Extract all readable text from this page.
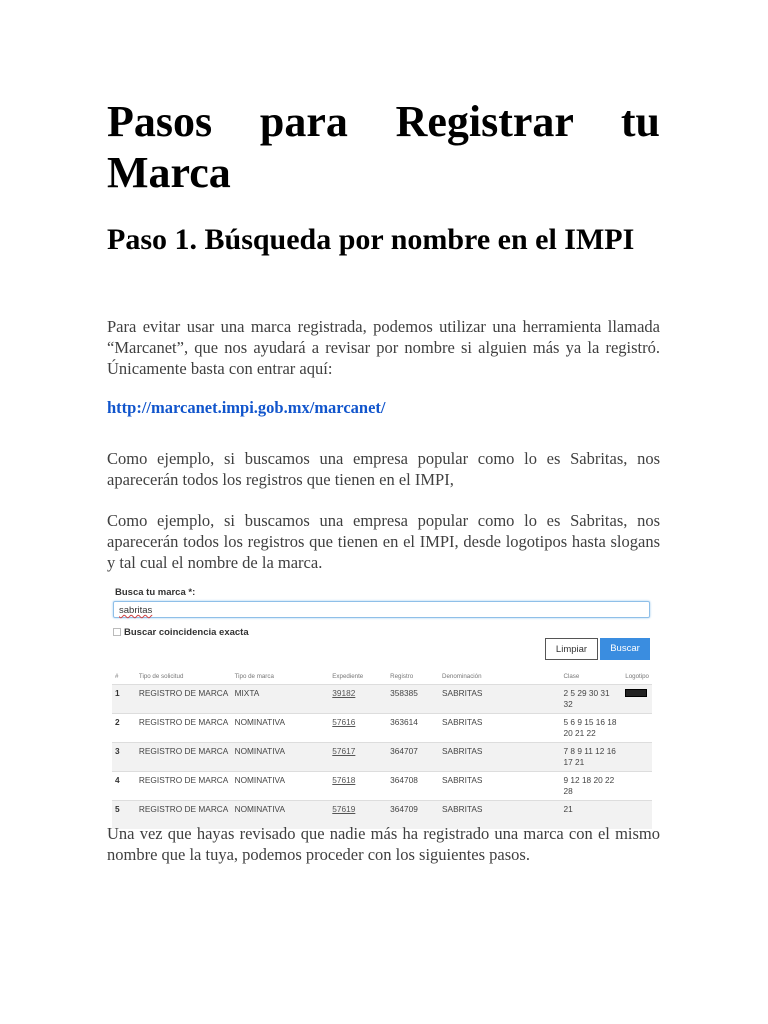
Pasos para Registrar tu Marca
Paso 1. Búsqueda por nombre en el IMPI

Para evitar usar una marca registrada, podemos utilizar una herramienta llamada “Marcanet”, que nos ayudará a revisar por nombre si alguien más ya la registró. Únicamente basta con entrar aquí:

http://marcanet.impi.gob.mx/marcanet/

Como ejemplo, si buscamos una empresa popular como lo es Sabritas, nos aparecerán todos los registros que tienen en el IMPI,

Como ejemplo, si buscamos una empresa popular como lo es Sabritas, nos aparecerán todos los registros que tienen en el IMPI, desde logotipos hasta slogans y tal cual el nombre de la marca.

Busca tu marca *:
sabritas
Buscar coincidencia exacta
Limpiar	Buscar
#	Tipo de solicitud	Tipo de marca	Expediente	Registro	Denominación	Clase	Logotipo
1	REGISTRO DE MARCA	MIXTA	39182	358385	SABRITAS	2 5 29 30 31 32	
2	REGISTRO DE MARCA	NOMINATIVA	57616	363614	SABRITAS	5 6 9 15 16 18 20 21 22	
3	REGISTRO DE MARCA	NOMINATIVA	57617	364707	SABRITAS	7 8 9 11 12 16 17 21	
4	REGISTRO DE MARCA	NOMINATIVA	57618	364708	SABRITAS	9 12 18 20 22 28	
5	REGISTRO DE MARCA	NOMINATIVA	57619	364709	SABRITAS	21	

Una vez que hayas revisado que nadie más ha registrado una marca con el mismo nombre que la tuya, podemos proceder con los siguientes pasos.
